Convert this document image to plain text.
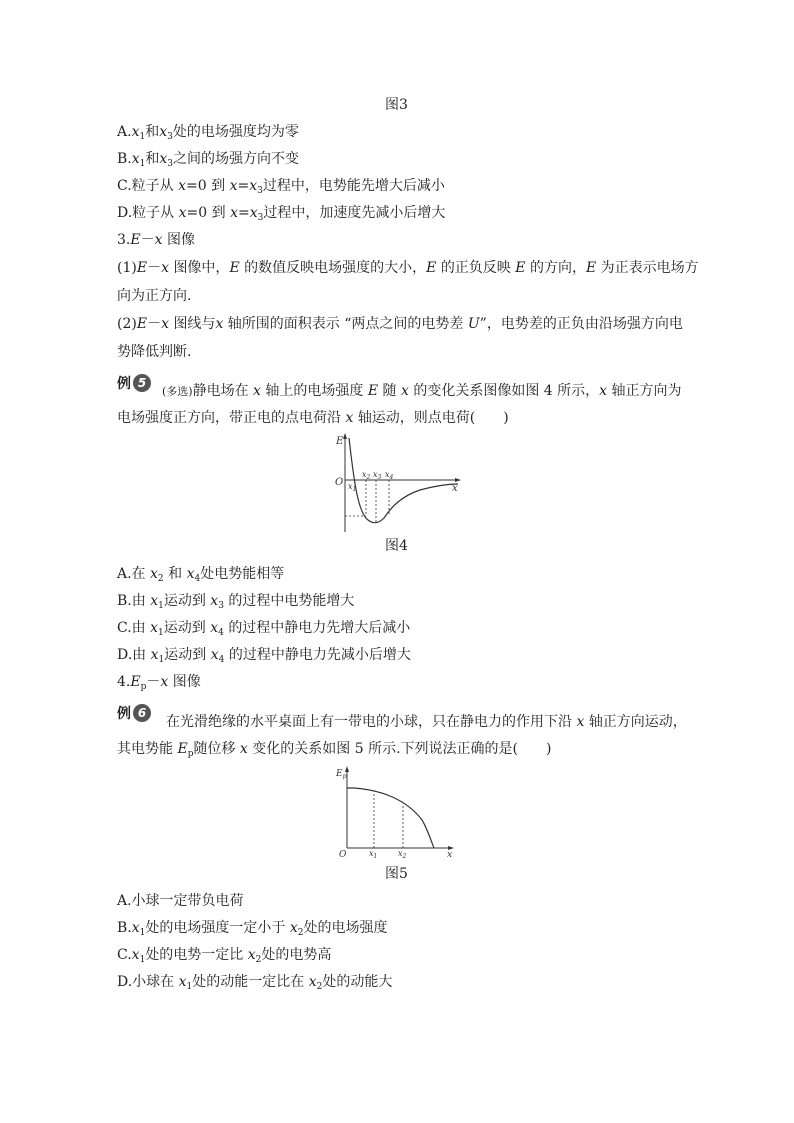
图3
$A.x_1$和$x_3$处的电场强度均为零
$B.x_1$和$x_3$之间的场强方向不变
C.粒子从 x=0 到 $x=x_3$过程中，电势能先增大后减小
D.粒子从 x=0 到 $x=x_3$过程中，加速度先减小后增大
3.E－x 图像
(1)E－x 图像中，E 的数值反映电场强度的大小，E 的正负反映 E 的方向，E 为正表示电场方
向为正方向.
(2)E－x 图线与x 轴所围的面积表示 “两点之间的电势差 U”，电势差的正负由沿场强方向电
势降低判断.
例 5
(多选)静电场在 x 轴上的电场强度 E 随 x 的变化关系图像如图 4 所示，x 轴正方向为
电场强度正方向，带正电的点电荷沿 x 轴运动，则点电荷(　　)
E
x
O $x_1$
$x_2$ $x_3$ $x_4$
图4
A.在 $x_2$ 和 $x_4$处电势能相等
B.由 $x_1$运动到 $x_3$ 的过程中电势能增大
C.由 $x_1$运动到 $x_4$ 的过程中静电力先增大后减小
D.由 $x_1$运动到 $x_4$ 的过程中静电力先减小后增大
$4.E_p-x$ 图像
例 6
在光滑绝缘的水平桌面上有一带电的小球，只在静电力的作用下沿 x 轴正方向运动，
其电势能 $E_p$随位移 x 变化的关系如图 5 所示.下列说法正确的是(　　)
$E_p$
x
O	$x_1$	$x_2$
图5
A.小球一定带负电荷
$B.x_1$处的电场强度一定小于 $x_2$处的电场强度
$C.x_1$处的电势一定比 $x_2$处的电势高
D.小球在 $x_1$处的动能一定比在 $x_2$处的动能大
